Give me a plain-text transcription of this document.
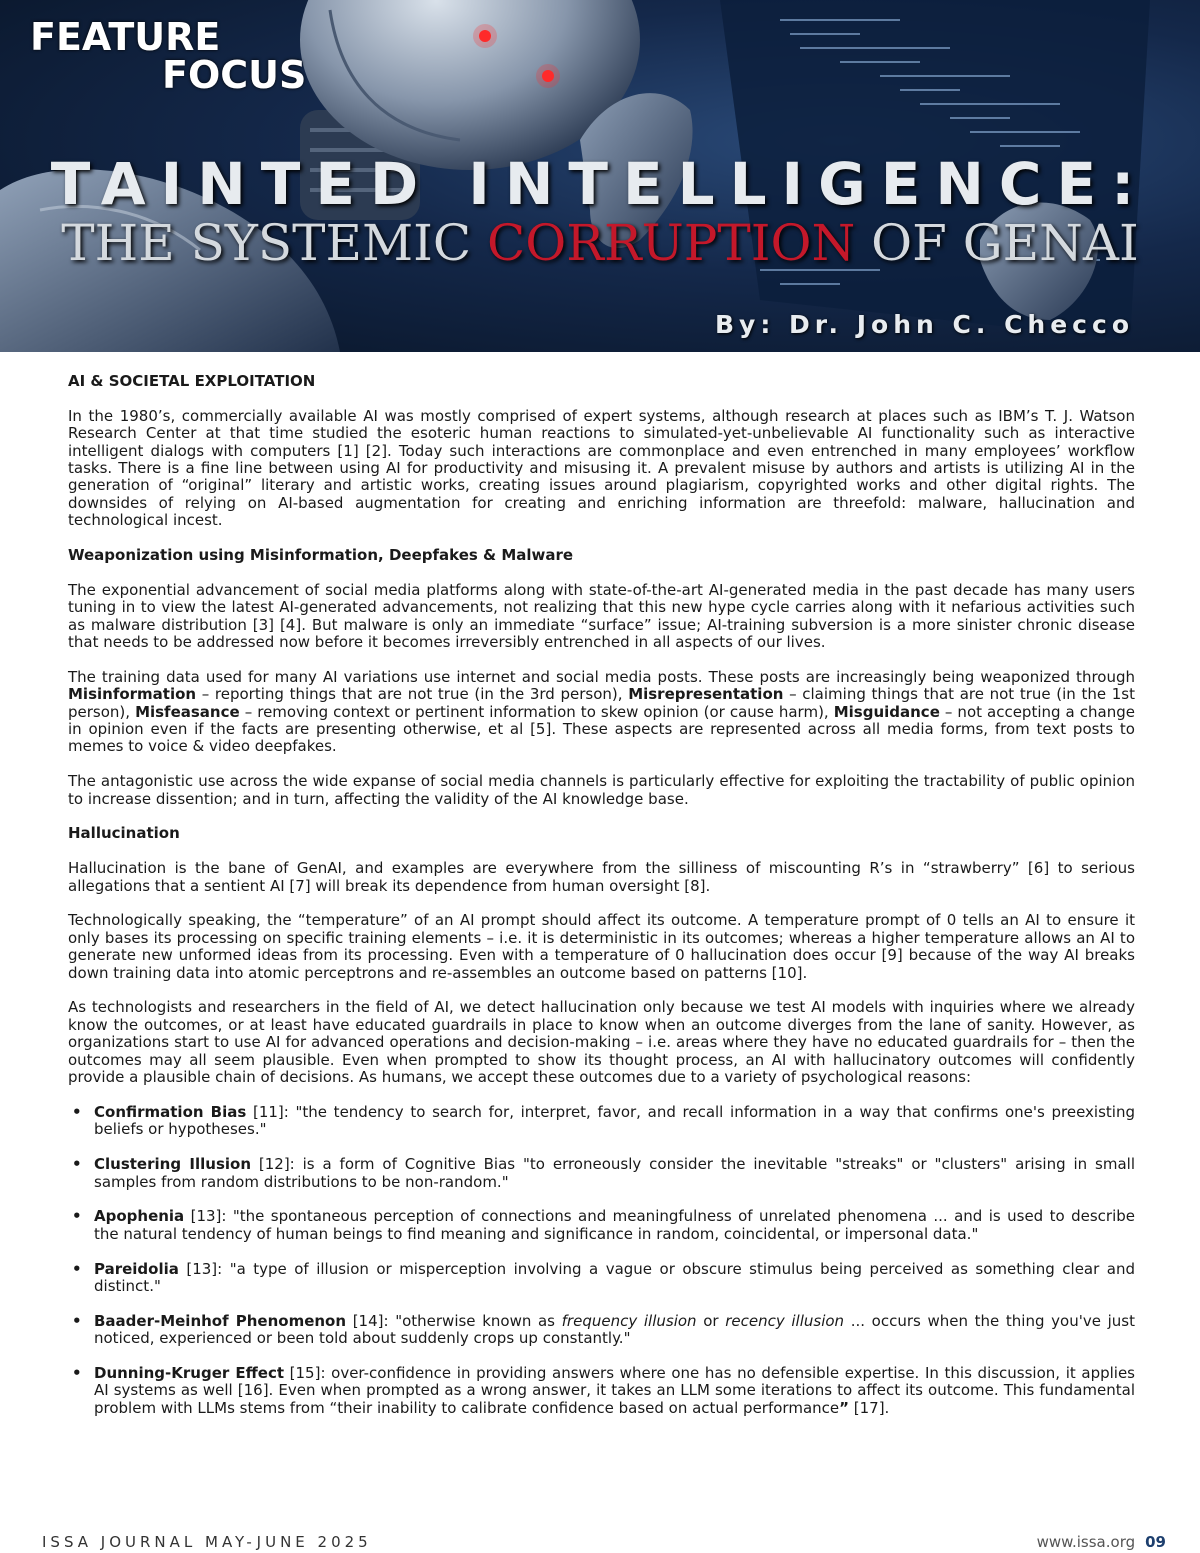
FEATURE
FOCUS
TAINTED INTELLIGENCE:
THE SYSTEMIC CORRUPTION OF GENAI
By: Dr. John C. Checco
AI & SOCIETAL EXPLOITATION

In the 1980’s, commercially available AI was mostly comprised of expert systems, although research at places such as IBM’s T. J. Watson Research Center at that time studied the esoteric human reactions to simulated-yet-unbelievable AI functionality such as interactive intelligent dialogs with computers [1] [2]. Today such interactions are commonplace and even entrenched in many employees’ workflow tasks. There is a fine line between using AI for productivity and misusing it. A prevalent misuse by authors and artists is utilizing AI in the generation of “original” literary and artistic works, creating issues around plagiarism, copyrighted works and other digital rights. The downsides of relying on AI-based augmentation for creating and enriching information are threefold: malware, hallucination and technological incest.

Weaponization using Misinformation, Deepfakes & Malware

The exponential advancement of social media platforms along with state-of-the-art AI-generated media in the past decade has many users tuning in to view the latest AI-generated advancements, not realizing that this new hype cycle carries along with it nefarious activities such as malware distribution [3] [4]. But malware is only an immediate “surface” issue; AI-training subversion is a more sinister chronic disease that needs to be addressed now before it becomes irreversibly entrenched in all aspects of our lives.

The training data used for many AI variations use internet and social media posts. These posts are increasingly being weaponized through Misinformation – reporting things that are not true (in the 3rd person), Misrepresentation – claiming things that are not true (in the 1st person), Misfeasance – removing context or pertinent information to skew opinion (or cause harm), Misguidance – not accepting a change in opinion even if the facts are presenting otherwise, et al [5]. These aspects are represented across all media forms, from text posts to memes to voice & video deepfakes.

The antagonistic use across the wide expanse of social media channels is particularly effective for exploiting the tractability of public opinion to increase dissention; and in turn, affecting the validity of the AI knowledge base.

Hallucination

Hallucination is the bane of GenAI, and examples are everywhere from the silliness of miscounting R’s in “strawberry” [6] to serious allegations that a sentient AI [7] will break its dependence from human oversight [8].

Technologically speaking, the “temperature” of an AI prompt should affect its outcome. A temperature prompt of 0 tells an AI to ensure it only bases its processing on specific training elements – i.e. it is deterministic in its outcomes; whereas a higher temperature allows an AI to generate new unformed ideas from its processing. Even with a temperature of 0 hallucination does occur [9] because of the way AI breaks down training data into atomic perceptrons and re-assembles an outcome based on patterns [10].

As technologists and researchers in the field of AI, we detect hallucination only because we test AI models with inquiries where we already know the outcomes, or at least have educated guardrails in place to know when an outcome diverges from the lane of sanity. However, as organizations start to use AI for advanced operations and decision-making – i.e. areas where they have no educated guardrails for – then the outcomes may all seem plausible. Even when prompted to show its thought process, an AI with hallucinatory outcomes will confidently provide a plausible chain of decisions. As humans, we accept these outcomes due to a variety of psychological reasons:

• Confirmation Bias [11]: "the tendency to search for, interpret, favor, and recall information in a way that confirms one's preexisting beliefs or hypotheses."
• Clustering Illusion [12]: is a form of Cognitive Bias "to erroneously consider the inevitable "streaks" or "clusters" arising in small samples from random distributions to be non-random."
• Apophenia [13]: "the spontaneous perception of connections and meaningfulness of unrelated phenomena ... and is used to describe the natural tendency of human beings to find meaning and significance in random, coincidental, or impersonal data."
• Pareidolia [13]: "a type of illusion or misperception involving a vague or obscure stimulus being perceived as something clear and distinct."
• Baader-Meinhof Phenomenon [14]: "otherwise known as frequency illusion or recency illusion ... occurs when the thing you've just noticed, experienced or been told about suddenly crops up constantly."
• Dunning-Kruger Effect [15]: over-confidence in providing answers where one has no defensible expertise. In this discussion, it applies AI systems as well [16]. Even when prompted as a wrong answer, it takes an LLM some iterations to affect its outcome. This fundamental problem with LLMs stems from “their inability to calibrate confidence based on actual performance” [17].
ISSA JOURNAL MAY-JUNE 2025	www.issa.org 09
